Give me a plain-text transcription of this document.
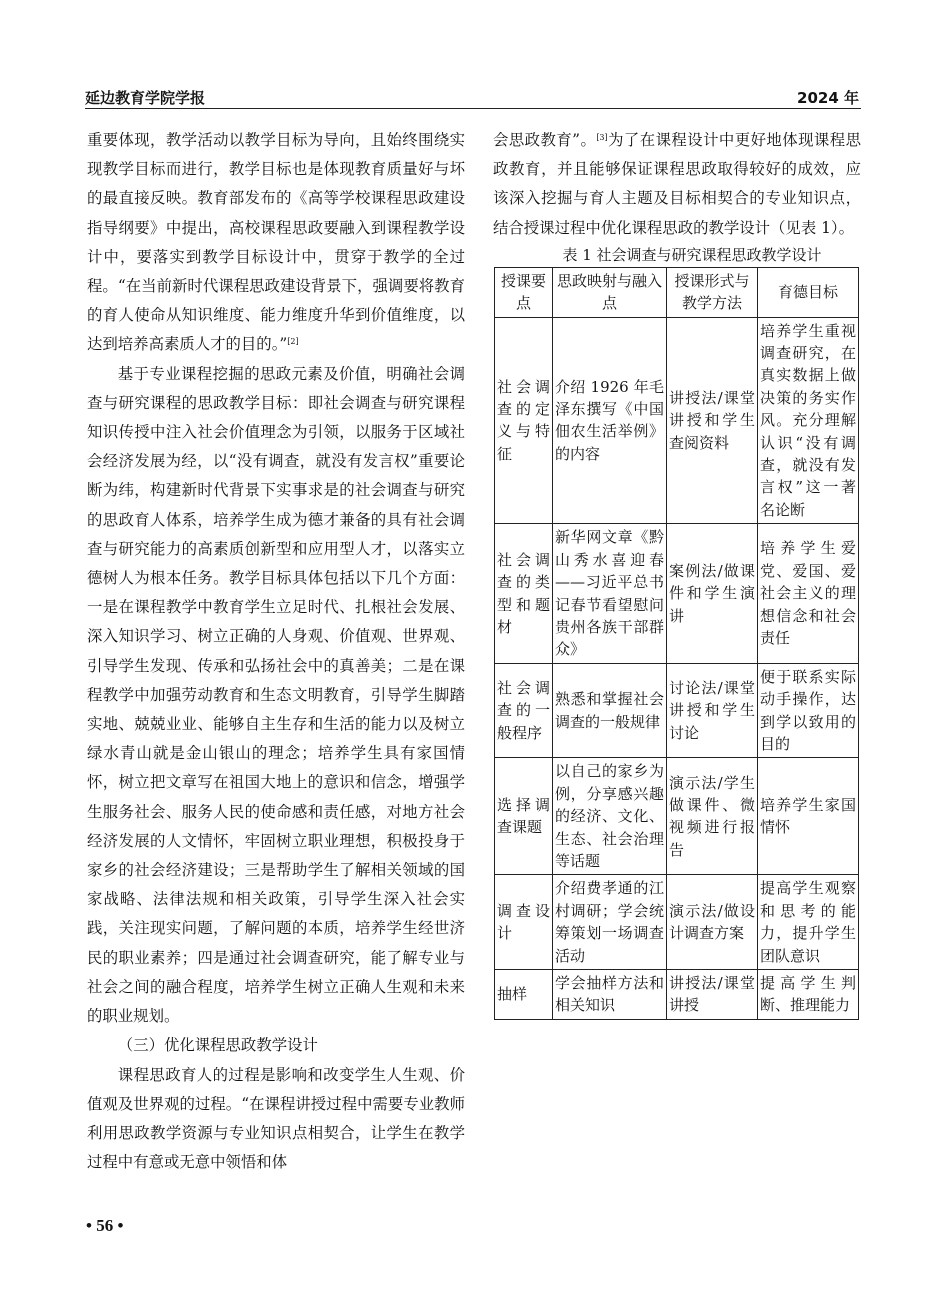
延边教育学院学报	2024 年

重要体现，教学活动以教学目标为导向，且始终围绕实现教学目标而进行，教学目标也是体现教育质量好与坏的最直接反映。教育部发布的《高等学校课程思政建设指导纲要》中提出，高校课程思政要融入到课程教学设计中，要落实到教学目标设计中，贯穿于教学的全过程。“在当前新时代课程思政建设背景下，强调要将教育的育人使命从知识维度、能力维度升华到价值维度，以达到培养高素质人才的目的。”[2]

基于专业课程挖掘的思政元素及价值，明确社会调查与研究课程的思政教学目标：即社会调查与研究课程知识传授中注入社会价值理念为引领，以服务于区域社会经济发展为经，以“没有调查，就没有发言权”重要论断为纬，构建新时代背景下实事求是的社会调查与研究的思政育人体系，培养学生成为德才兼备的具有社会调查与研究能力的高素质创新型和应用型人才，以落实立德树人为根本任务。教学目标具体包括以下几个方面：一是在课程教学中教育学生立足时代、扎根社会发展、深入知识学习、树立正确的人身观、价值观、世界观、引导学生发现、传承和弘扬社会中的真善美；二是在课程教学中加强劳动教育和生态文明教育，引导学生脚踏实地、兢兢业业、能够自主生存和生活的能力以及树立绿水青山就是金山银山的理念；培养学生具有家国情怀，树立把文章写在祖国大地上的意识和信念，增强学生服务社会、服务人民的使命感和责任感，对地方社会经济发展的人文情怀，牢固树立职业理想，积极投身于家乡的社会经济建设；三是帮助学生了解相关领域的国家战略、法律法规和相关政策，引导学生深入社会实践，关注现实问题，了解问题的本质，培养学生经世济民的职业素养；四是通过社会调查研究，能了解专业与社会之间的融合程度，培养学生树立正确人生观和未来的职业规划。

（三）优化课程思政教学设计

课程思政育人的过程是影响和改变学生人生观、价值观及世界观的过程。“在课程讲授过程中需要专业教师利用思政教学资源与专业知识点相契合，让学生在教学过程中有意或无意中领悟和体

会思政教育”。[3]为了在课程设计中更好地体现课程思政教育，并且能够保证课程思政取得较好的成效，应该深入挖掘与育人主题及目标相契合的专业知识点，结合授课过程中优化课程思政的教学设计（见表 1）。

表 1 社会调查与研究课程思政教学设计

授课要点	思政映射与融入点	授课形式与教学方法	育德目标
社会调查的定义与特征	介绍 1926 年毛泽东撰写《中国佃农生活举例》的内容	讲授法/课堂讲授和学生查阅资料	培养学生重视调查研究，在真实数据上做决策的务实作风。充分理解认识“没有调查，就没有发言权”这一著名论断
社会调查的类型和题材	新华网文章《黔山秀水喜迎春——习近平总书记春节看望慰问贵州各族干部群众》	案例法/做课件和学生演讲	培养学生爱党、爱国、爱社会主义的理想信念和社会责任
社会调查的一般程序	熟悉和掌握社会调查的一般规律	讨论法/课堂讲授和学生讨论	便于联系实际动手操作，达到学以致用的目的
选择调查课题	以自己的家乡为例，分享感兴趣的经济、文化、生态、社会治理等话题	演示法/学生做课件、微视频进行报告	培养学生家国情怀
调查设计	介绍费孝通的江村调研；学会统筹策划一场调查活动	演示法/做设计调查方案	提高学生观察和思考的能力，提升学生团队意识
抽样	学会抽样方法和相关知识	讲授法/课堂讲授	提高学生判断、推理能力
• 56 •
